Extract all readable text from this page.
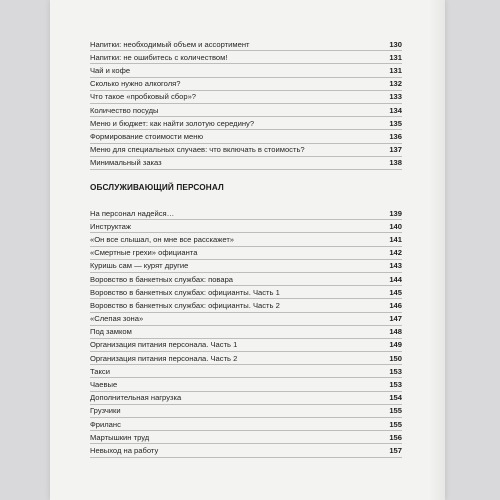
Напитки: необходимый объем и ассортимент	130
Напитки: не ошибитесь с количеством!	131
Чай и кофе	131
Сколько нужно алкоголя?	132
Что такое «пробковый сбор»?	133
Количество посуды	134
Меню и бюджет: как найти золотую середину?	135
Формирование стоимости меню	136
Меню для специальных случаев: что включать в стоимость?	137
Минимальный заказ	138
ОБСЛУЖИВАЮЩИЙ ПЕРСОНАЛ
На персонал надейся…	139
Инструктаж	140
«Он все слышал, он мне все расскажет»	141
«Смертные грехи» официанта	142
Куришь сам — курят другие	143
Воровство в банкетных службах: повара	144
Воровство в банкетных службах: официанты. Часть 1	145
Воровство в банкетных службах: официанты. Часть 2	146
«Слепая зона»	147
Под замком	148
Организация питания персонала. Часть 1	149
Организация питания персонала. Часть 2	150
Такси	153
Чаевые	153
Дополнительная нагрузка	154
Грузчики	155
Фриланс	155
Мартышкин труд	156
Невыход на работу	157
